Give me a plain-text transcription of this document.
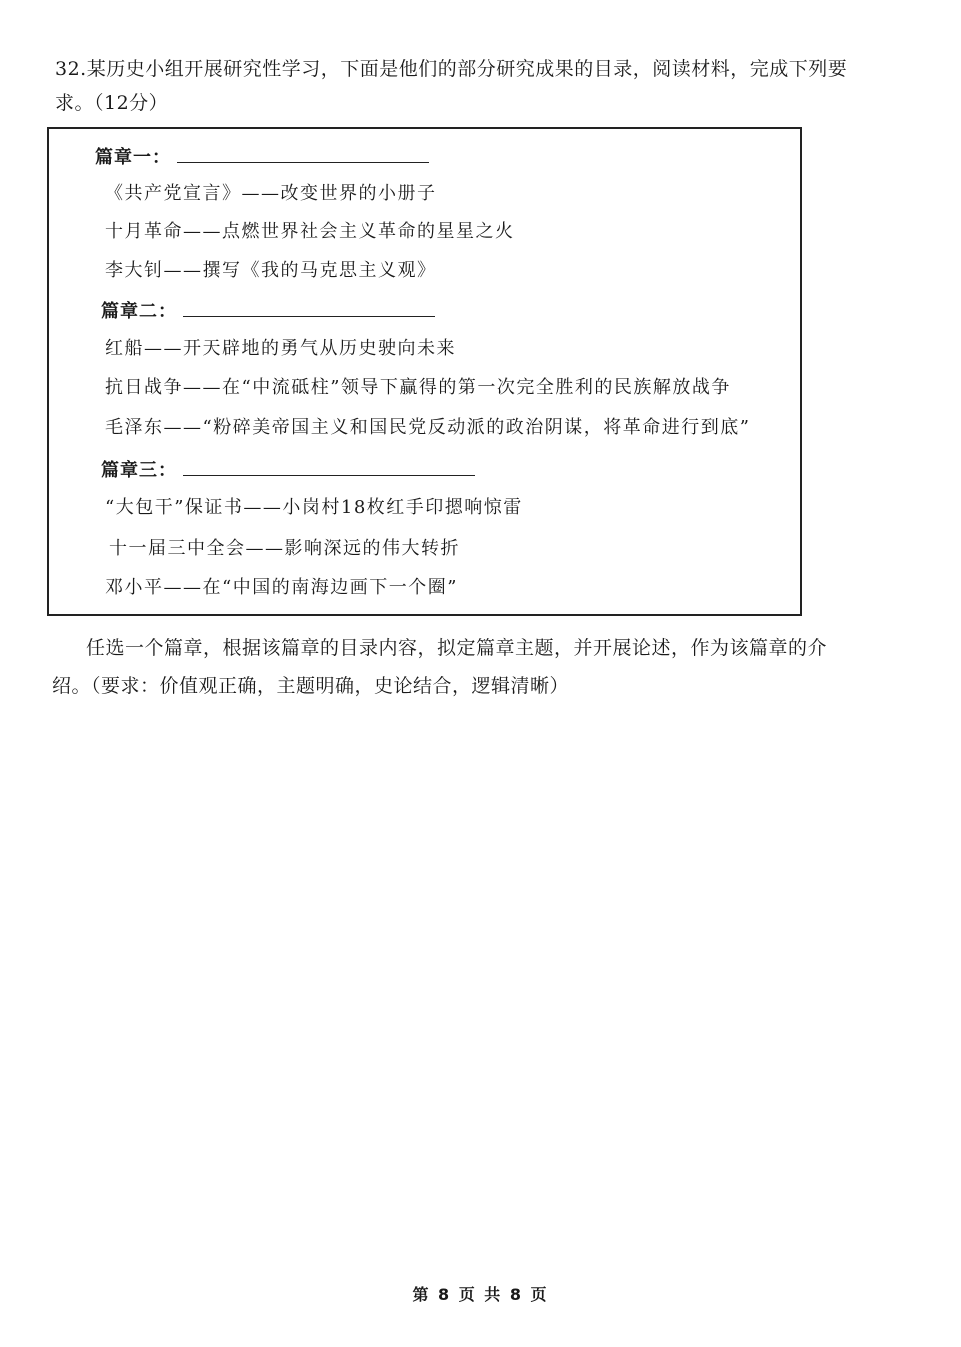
32.某历史小组开展研究性学习，下面是他们的部分研究成果的目录，阅读材料，完成下列要
求。（12分）
篇章一：
《共产党宣言》——改变世界的小册子
十月革命——点燃世界社会主义革命的星星之火
李大钊——撰写《我的马克思主义观》
篇章二：
红船——开天辟地的勇气从历史驶向未来
抗日战争——在“中流砥柱”领导下赢得的第一次完全胜利的民族解放战争
毛泽东——“粉碎美帝国主义和国民党反动派的政治阴谋，将革命进行到底”
篇章三：
“大包干”保证书——小岗村18枚红手印摁响惊雷
十一届三中全会——影响深远的伟大转折
邓小平——在“中国的南海边画下一个圈”
任选一个篇章，根据该篇章的目录内容，拟定篇章主题，并开展论述，作为该篇章的介
绍。（要求：价值观正确，主题明确，史论结合，逻辑清晰）
第 8 页 共 8 页
